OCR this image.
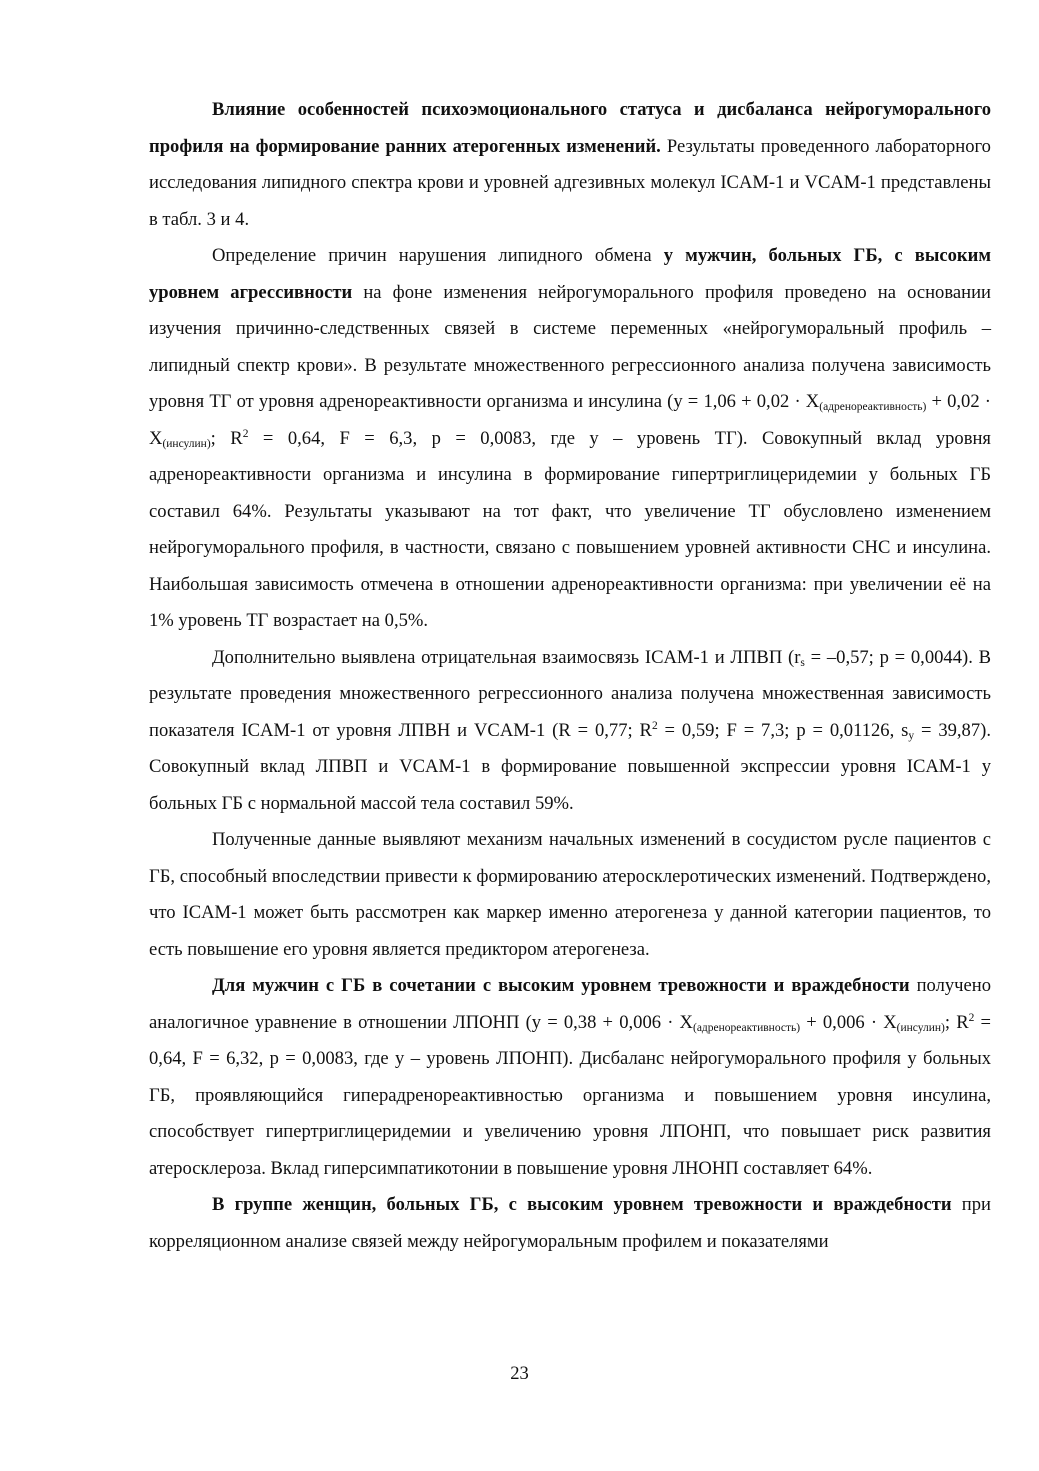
Влияние особенностей психоэмоционального статуса и дисбаланса нейрогуморального профиля на формирование ранних атерогенных изменений. Результаты проведенного лабораторного исследования липидного спектра крови и уровней адгезивных молекул ICAM-1 и VCAM-1 представлены в табл. 3 и 4.

Определение причин нарушения липидного обмена у мужчин, больных ГБ, с высоким уровнем агрессивности на фоне изменения нейрогуморального профиля проведено на основании изучения причинно-следственных связей в системе переменных «нейрогуморальный профиль – липидный спектр крови». В результате множественного регрессионного анализа получена зависимость уровня ТГ от уровня адренореактивности организма и инсулина ($y = 1,06 + 0,02 \cdot X_{(адренореактивность)} + 0,02 \cdot X_{(инсулин)}$; $R^2 = 0,64$, F = 6,3, p = 0,0083, где у – уровень ТГ). Совокупный вклад уровня адренореактивности организма и инсулина в формирование гипертриглицеридемии у больных ГБ составил 64%. Результаты указывают на тот факт, что увеличение ТГ обусловлено изменением нейрогуморального профиля, в частности, связано с повышением уровней активности СНС и инсулина. Наибольшая зависимость отмечена в отношении адренореактивности организма: при увеличении её на 1% уровень ТГ возрастает на 0,5%.

Дополнительно выявлена отрицательная взаимосвязь ICAM-1 и ЛПВП ($r_s = -0,57$; p = 0,0044). В результате проведения множественного регрессионного анализа получена множественная зависимость показателя ICAM-1 от уровня ЛПВН и VCAM-1 (R = 0,77; $R^2 = 0,59$; F = 7,3; p = 0,01126, $s_y = 39,87$). Совокупный вклад ЛПВП и VCAM-1 в формирование повышенной экспрессии уровня ICAM-1 у больных ГБ с нормальной массой тела составил 59%.

Полученные данные выявляют механизм начальных изменений в сосудистом русле пациентов с ГБ, способный впоследствии привести к формированию атеросклеротических изменений. Подтверждено, что ICAM-1 может быть рассмотрен как маркер именно атерогенеза у данной категории пациентов, то есть повышение его уровня является предиктором атерогенеза.

Для мужчин с ГБ в сочетании с высоким уровнем тревожности и враждебности получено аналогичное уравнение в отношении ЛПОНП ($y = 0,38 + 0,006 \cdot X_{(адренореактивность)} + 0,006 \cdot X_{(инсулин)}$; $R^2 = 0,64$, F = 6,32, p = 0,0083, где у – уровень ЛПОНП). Дисбаланс нейрогуморального профиля у больных ГБ, проявляющийся гиперадренореактивностью организма и повышением уровня инсулина, способствует гипертриглицеридемии и увеличению уровня ЛПОНП, что повышает риск развития атеросклероза. Вклад гиперсимпатикотонии в повышение уровня ЛНОНП составляет 64%.

В группе женщин, больных ГБ, с высоким уровнем тревожности и враждебности при корреляционном анализе связей между нейрогуморальным профилем и показателями

23
